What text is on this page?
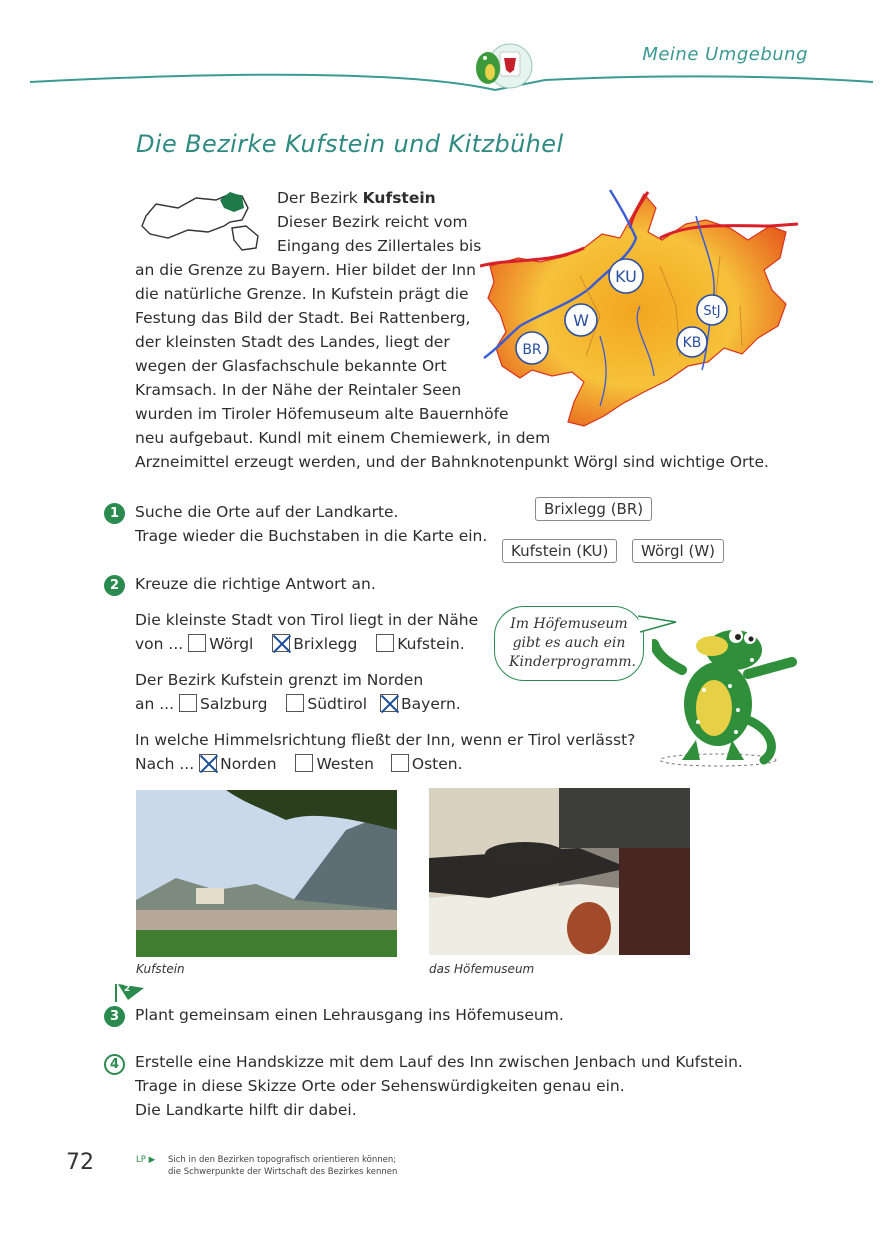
Meine Umgebung
Die Bezirke Kufstein und Kitzbühel
Der Bezirk Kufstein
Dieser Bezirk reicht vom
Eingang des Zillertales bis
an die Grenze zu Bayern. Hier bildet der Inn
die natürliche Grenze. In Kufstein prägt die
Festung das Bild der Stadt. Bei Rattenberg,
der kleinsten Stadt des Landes, liegt der
wegen der Glasfachschule bekannte Ort
Kramsach. In der Nähe der Reintaler Seen
wurden im Tiroler Höfemuseum alte Bauernhöfe
neu aufgebaut. Kundl mit einem Chemiewerk, in dem
Arzneimittel erzeugt werden, und der Bahnknotenpunkt Wörgl sind wichtige Orte.
KU
W	StJ
KB
BR
1	Suche die Orte auf der Landkarte.
Trage wieder die Buchstaben in die Karte ein.
Brixlegg (BR)
Kufstein (KU)	Wörgl (W)
2	Kreuze die richtige Antwort an.
Die kleinste Stadt von Tirol liegt in der Nähe
von ... Wörgl	Brixlegg	Kufstein.
Der Bezirk Kufstein grenzt im Norden
an ... Salzburg	Südtirol Bayern.
In welche Himmelsrichtung fließt der Inn, wenn er Tirol verlässt?
Nach ... Norden	Westen Osten.
Im Höfemuseum
gibt es auch ein
Kinderprogramm.
Kufstein	das Höfemuseum
2
3	Plant gemeinsam einen Lehrausgang ins Höfemuseum.
4	Erstelle eine Handskizze mit dem Lauf des Inn zwischen Jenbach und Kufstein.
Trage in diese Skizze Orte oder Sehenswürdigkeiten genau ein.
Die Landkarte hilft dir dabei.
72	LP ▶ Sich in den Bezirken topografisch orientieren können;
die Schwerpunkte der Wirtschaft des Bezirkes kennen
